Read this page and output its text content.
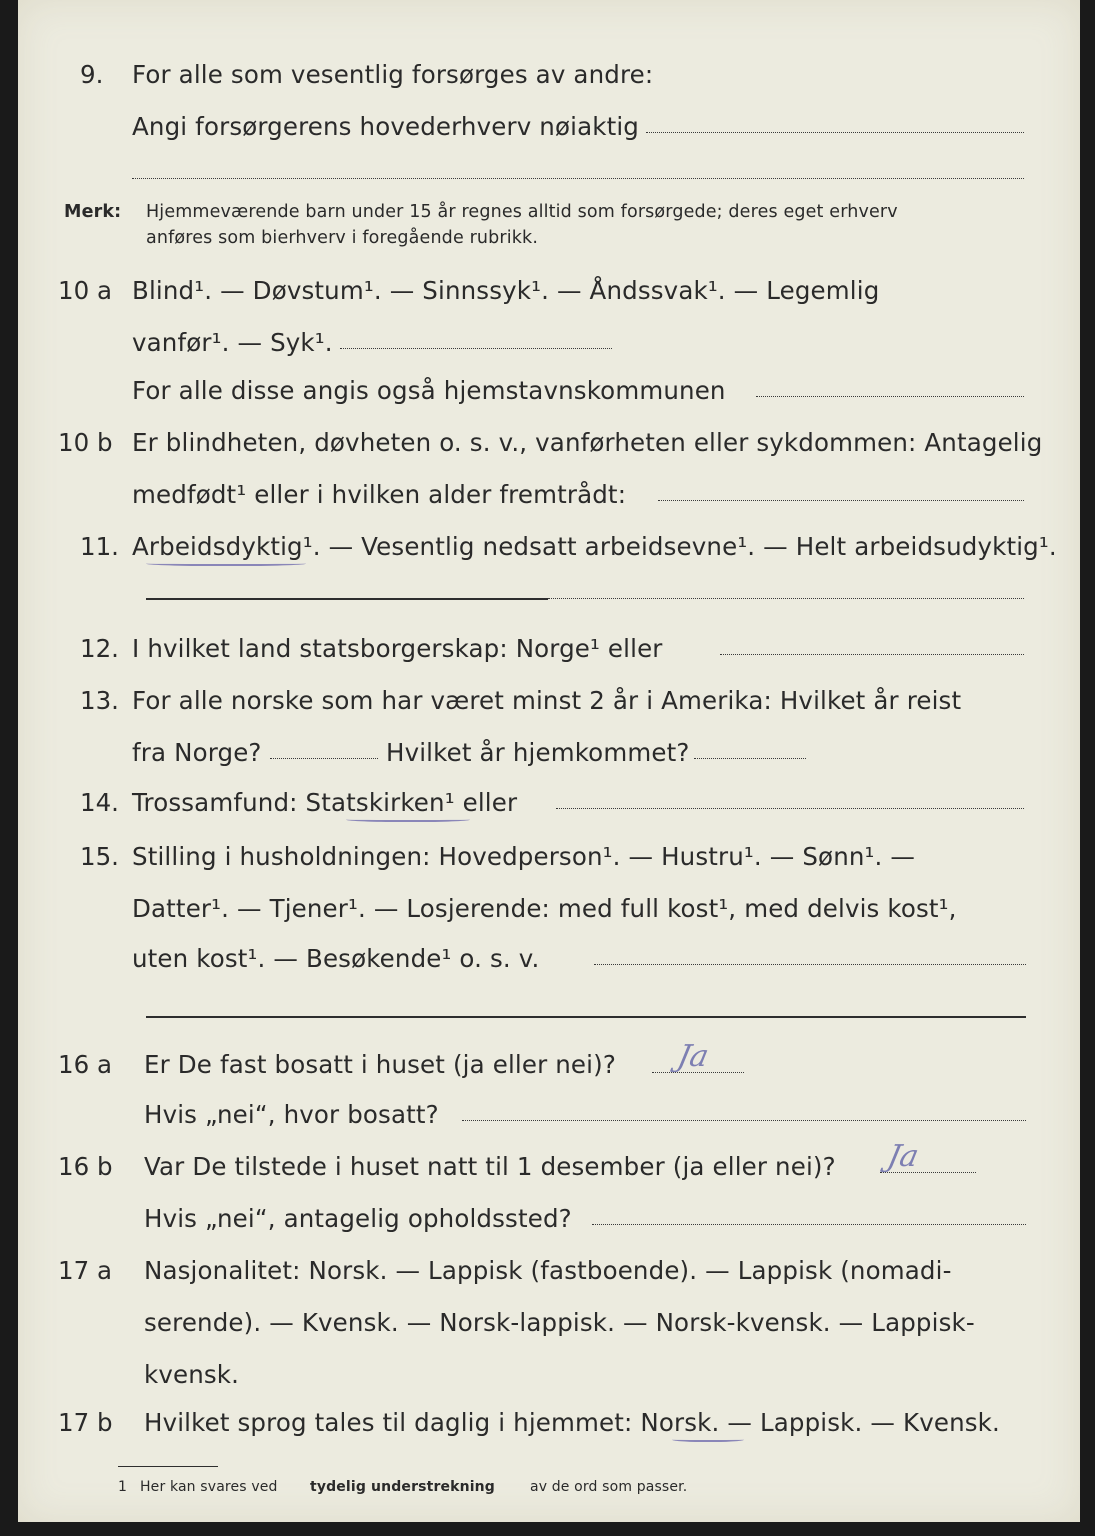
9. For alle som vesentlig forsørges av andre:
Angi forsørgerens hovederhverv nøiaktig
Merk: Hjemmeværende barn under 15 år regnes alltid som forsørgede; deres eget erhverv
anføres som bierhverv i foregående rubrikk.
10 a Blind¹. — Døvstum¹. — Sinnssyk¹. — Åndssvak¹. — Legemlig
vanfør¹. — Syk¹.
For alle disse angis også hjemstavnskommunen
10 b Er blindheten, døvheten o. s. v., vanførheten eller sykdommen: Antagelig
medfødt¹ eller i hvilken alder fremtrådt:
11. Arbeidsdyktig¹. — Vesentlig nedsatt arbeidsevne¹. — Helt arbeidsudyktig¹.
12. I hvilket land statsborgerskap: Norge¹ eller
13. For alle norske som har været minst 2 år i Amerika: Hvilket år reist
fra Norge?	Hvilket år hjemkommet?
14. Trossamfund: Statskirken¹ eller
15. Stilling i husholdningen: Hovedperson¹. — Hustru¹. — Sønn¹. —
Datter¹. — Tjener¹. — Losjerende: med full kost¹, med delvis kost¹,
uten kost¹. — Besøkende¹ o. s. v.
16 a Er De fast bosatt i huset (ja eller nei)? Ja
Hvis „nei“, hvor bosatt?
16 b Var De tilstede i huset natt til 1 desember (ja eller nei)? Ja
Hvis „nei“, antagelig opholdssted?
17 a Nasjonalitet: Norsk. — Lappisk (fastboende). — Lappisk (nomadi-
serende). — Kvensk. — Norsk-lappisk. — Norsk-kvensk. — Lappisk-
kvensk.
17 b Hvilket sprog tales til daglig i hjemmet: Norsk. — Lappisk. — Kvensk.
1 Her kan svares ved tydelig understrekning	av de ord som passer.
